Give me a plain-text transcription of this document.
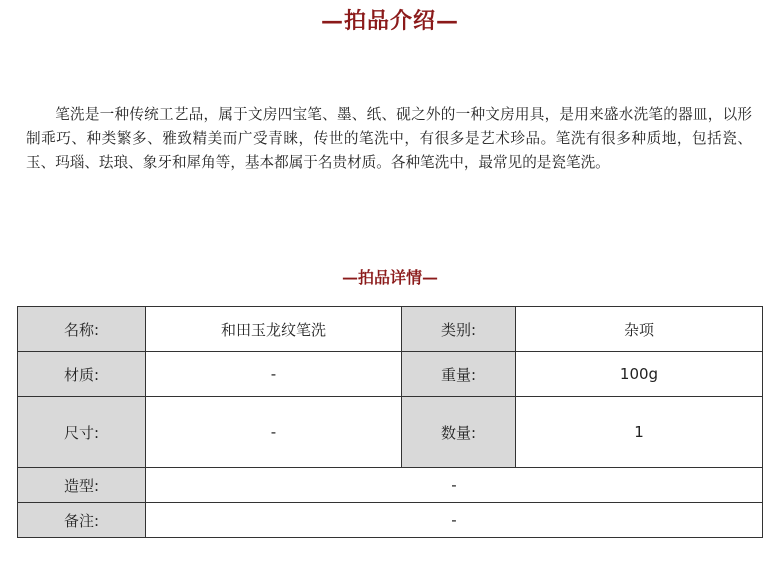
—拍品介绍—
笔洗是一种传统工艺品，属于文房四宝笔、墨、纸、砚之外的一种文房用具，是用来盛水洗笔的器皿，以形制乖巧、种类繁多、雅致精美而广受青睐，传世的笔洗中，有很多是艺术珍品。笔洗有很多种质地，包括瓷、玉、玛瑙、珐琅、象牙和犀角等，基本都属于名贵材质。各种笔洗中，最常见的是瓷笔洗。
—拍品详情—
名称:	和田玉龙纹笔洗	类别:	杂项
材质:	-	重量:	100g
尺寸:	-	数量:	1
造型:	-		
备注:	-		
